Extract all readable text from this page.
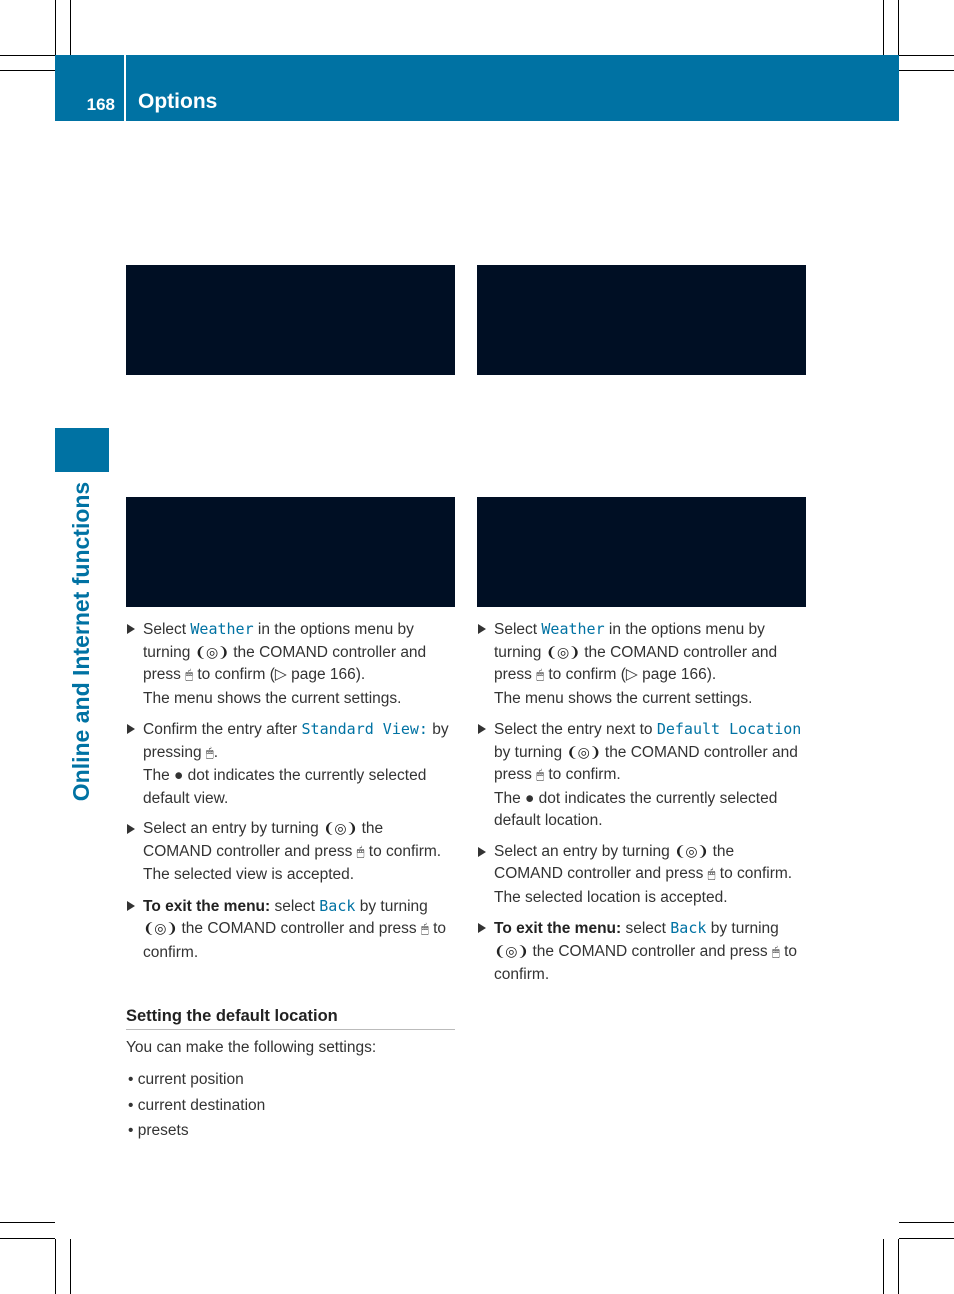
168 Options
Online and Internet functions	Select Weather in the options menu by turning ❨◎❩ the COMAND controller and press 🖱 to confirm (▷ page 166).
The menu shows the current settings.
Confirm the entry after Standard View: by pressing 🖱.
The ● dot indicates the currently selected default view.
Select an entry by turning ❨◎❩ the COMAND controller and press 🖱 to confirm.
The selected view is accepted.
To exit the menu: select Back by turning ❨◎❩ the COMAND controller and press 🖱 to confirm.
Setting the default location
You can make the following settings:
• current position
• current destination
• presets
Select Weather in the options menu by turning ❨◎❩ the COMAND controller and press 🖱 to confirm (▷ page 166).
The menu shows the current settings.
Select the entry next to Default Location by turning ❨◎❩ the COMAND controller and press 🖱 to confirm.
The ● dot indicates the currently selected default location.
Select an entry by turning ❨◎❩ the COMAND controller and press 🖱 to confirm.
The selected location is accepted.
To exit the menu: select Back by turning ❨◎❩ the COMAND controller and press 🖱 to confirm.
